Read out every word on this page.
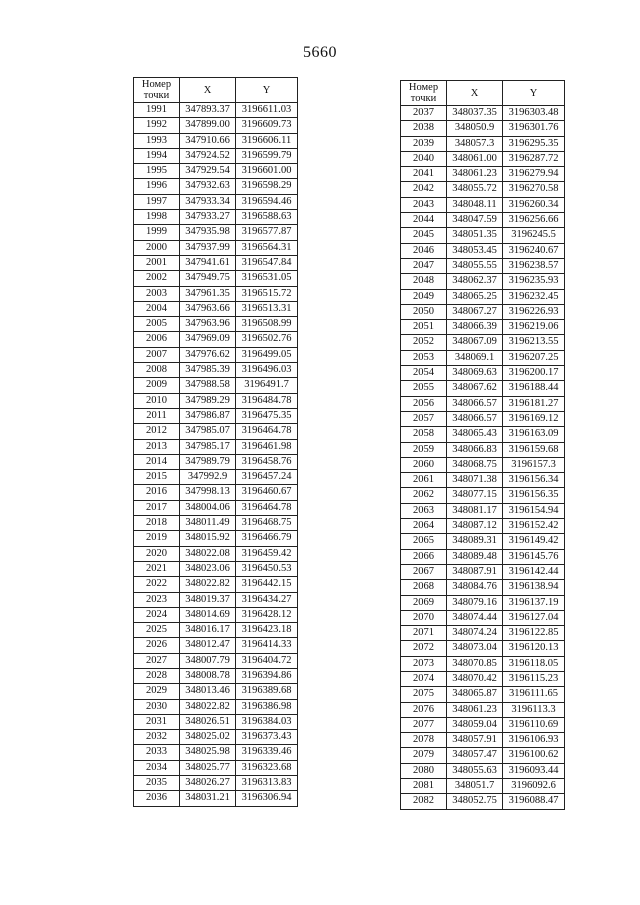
5660
Номер
точки	X	Y
1991	347893.37	3196611.03
1992	347899.00	3196609.73
1993	347910.66	3196606.11
1994	347924.52	3196599.79
1995	347929.54	3196601.00
1996	347932.63	3196598.29
1997	347933.34	3196594.46
1998	347933.27	3196588.63
1999	347935.98	3196577.87
2000	347937.99	3196564.31
2001	347941.61	3196547.84
2002	347949.75	3196531.05
2003	347961.35	3196515.72
2004	347963.66	3196513.31
2005	347963.96	3196508.99
2006	347969.09	3196502.76
2007	347976.62	3196499.05
2008	347985.39	3196496.03
2009	347988.58	3196491.7
2010	347989.29	3196484.78
2011	347986.87	3196475.35
2012	347985.07	3196464.78
2013	347985.17	3196461.98
2014	347989.79	3196458.76
2015	347992.9	3196457.24
2016	347998.13	3196460.67
2017	348004.06	3196464.78
2018	348011.49	3196468.75
2019	348015.92	3196466.79
2020	348022.08	3196459.42
2021	348023.06	3196450.53
2022	348022.82	3196442.15
2023	348019.37	3196434.27
2024	348014.69	3196428.12
2025	348016.17	3196423.18
2026	348012.47	3196414.33
2027	348007.79	3196404.72
2028	348008.78	3196394.86
2029	348013.46	3196389.68
2030	348022.82	3196386.98
2031	348026.51	3196384.03
2032	348025.02	3196373.43
2033	348025.98	3196339.46
2034	348025.77	3196323.68
2035	348026.27	3196313.83
2036	348031.21	3196306.94
Номер
точки	X	Y
2037	348037.35	3196303.48
2038	348050.9	3196301.76
2039	348057.3	3196295.35
2040	348061.00	3196287.72
2041	348061.23	3196279.94
2042	348055.72	3196270.58
2043	348048.11	3196260.34
2044	348047.59	3196256.66
2045	348051.35	3196245.5
2046	348053.45	3196240.67
2047	348055.55	3196238.57
2048	348062.37	3196235.93
2049	348065.25	3196232.45
2050	348067.27	3196226.93
2051	348066.39	3196219.06
2052	348067.09	3196213.55
2053	348069.1	3196207.25
2054	348069.63	3196200.17
2055	348067.62	3196188.44
2056	348066.57	3196181.27
2057	348066.57	3196169.12
2058	348065.43	3196163.09
2059	348066.83	3196159.68
2060	348068.75	3196157.3
2061	348071.38	3196156.34
2062	348077.15	3196156.35
2063	348081.17	3196154.94
2064	348087.12	3196152.42
2065	348089.31	3196149.42
2066	348089.48	3196145.76
2067	348087.91	3196142.44
2068	348084.76	3196138.94
2069	348079.16	3196137.19
2070	348074.44	3196127.04
2071	348074.24	3196122.85
2072	348073.04	3196120.13
2073	348070.85	3196118.05
2074	348070.42	3196115.23
2075	348065.87	3196111.65
2076	348061.23	3196113.3
2077	348059.04	3196110.69
2078	348057.91	3196106.93
2079	348057.47	3196100.62
2080	348055.63	3196093.44
2081	348051.7	3196092.6
2082	348052.75	3196088.47
